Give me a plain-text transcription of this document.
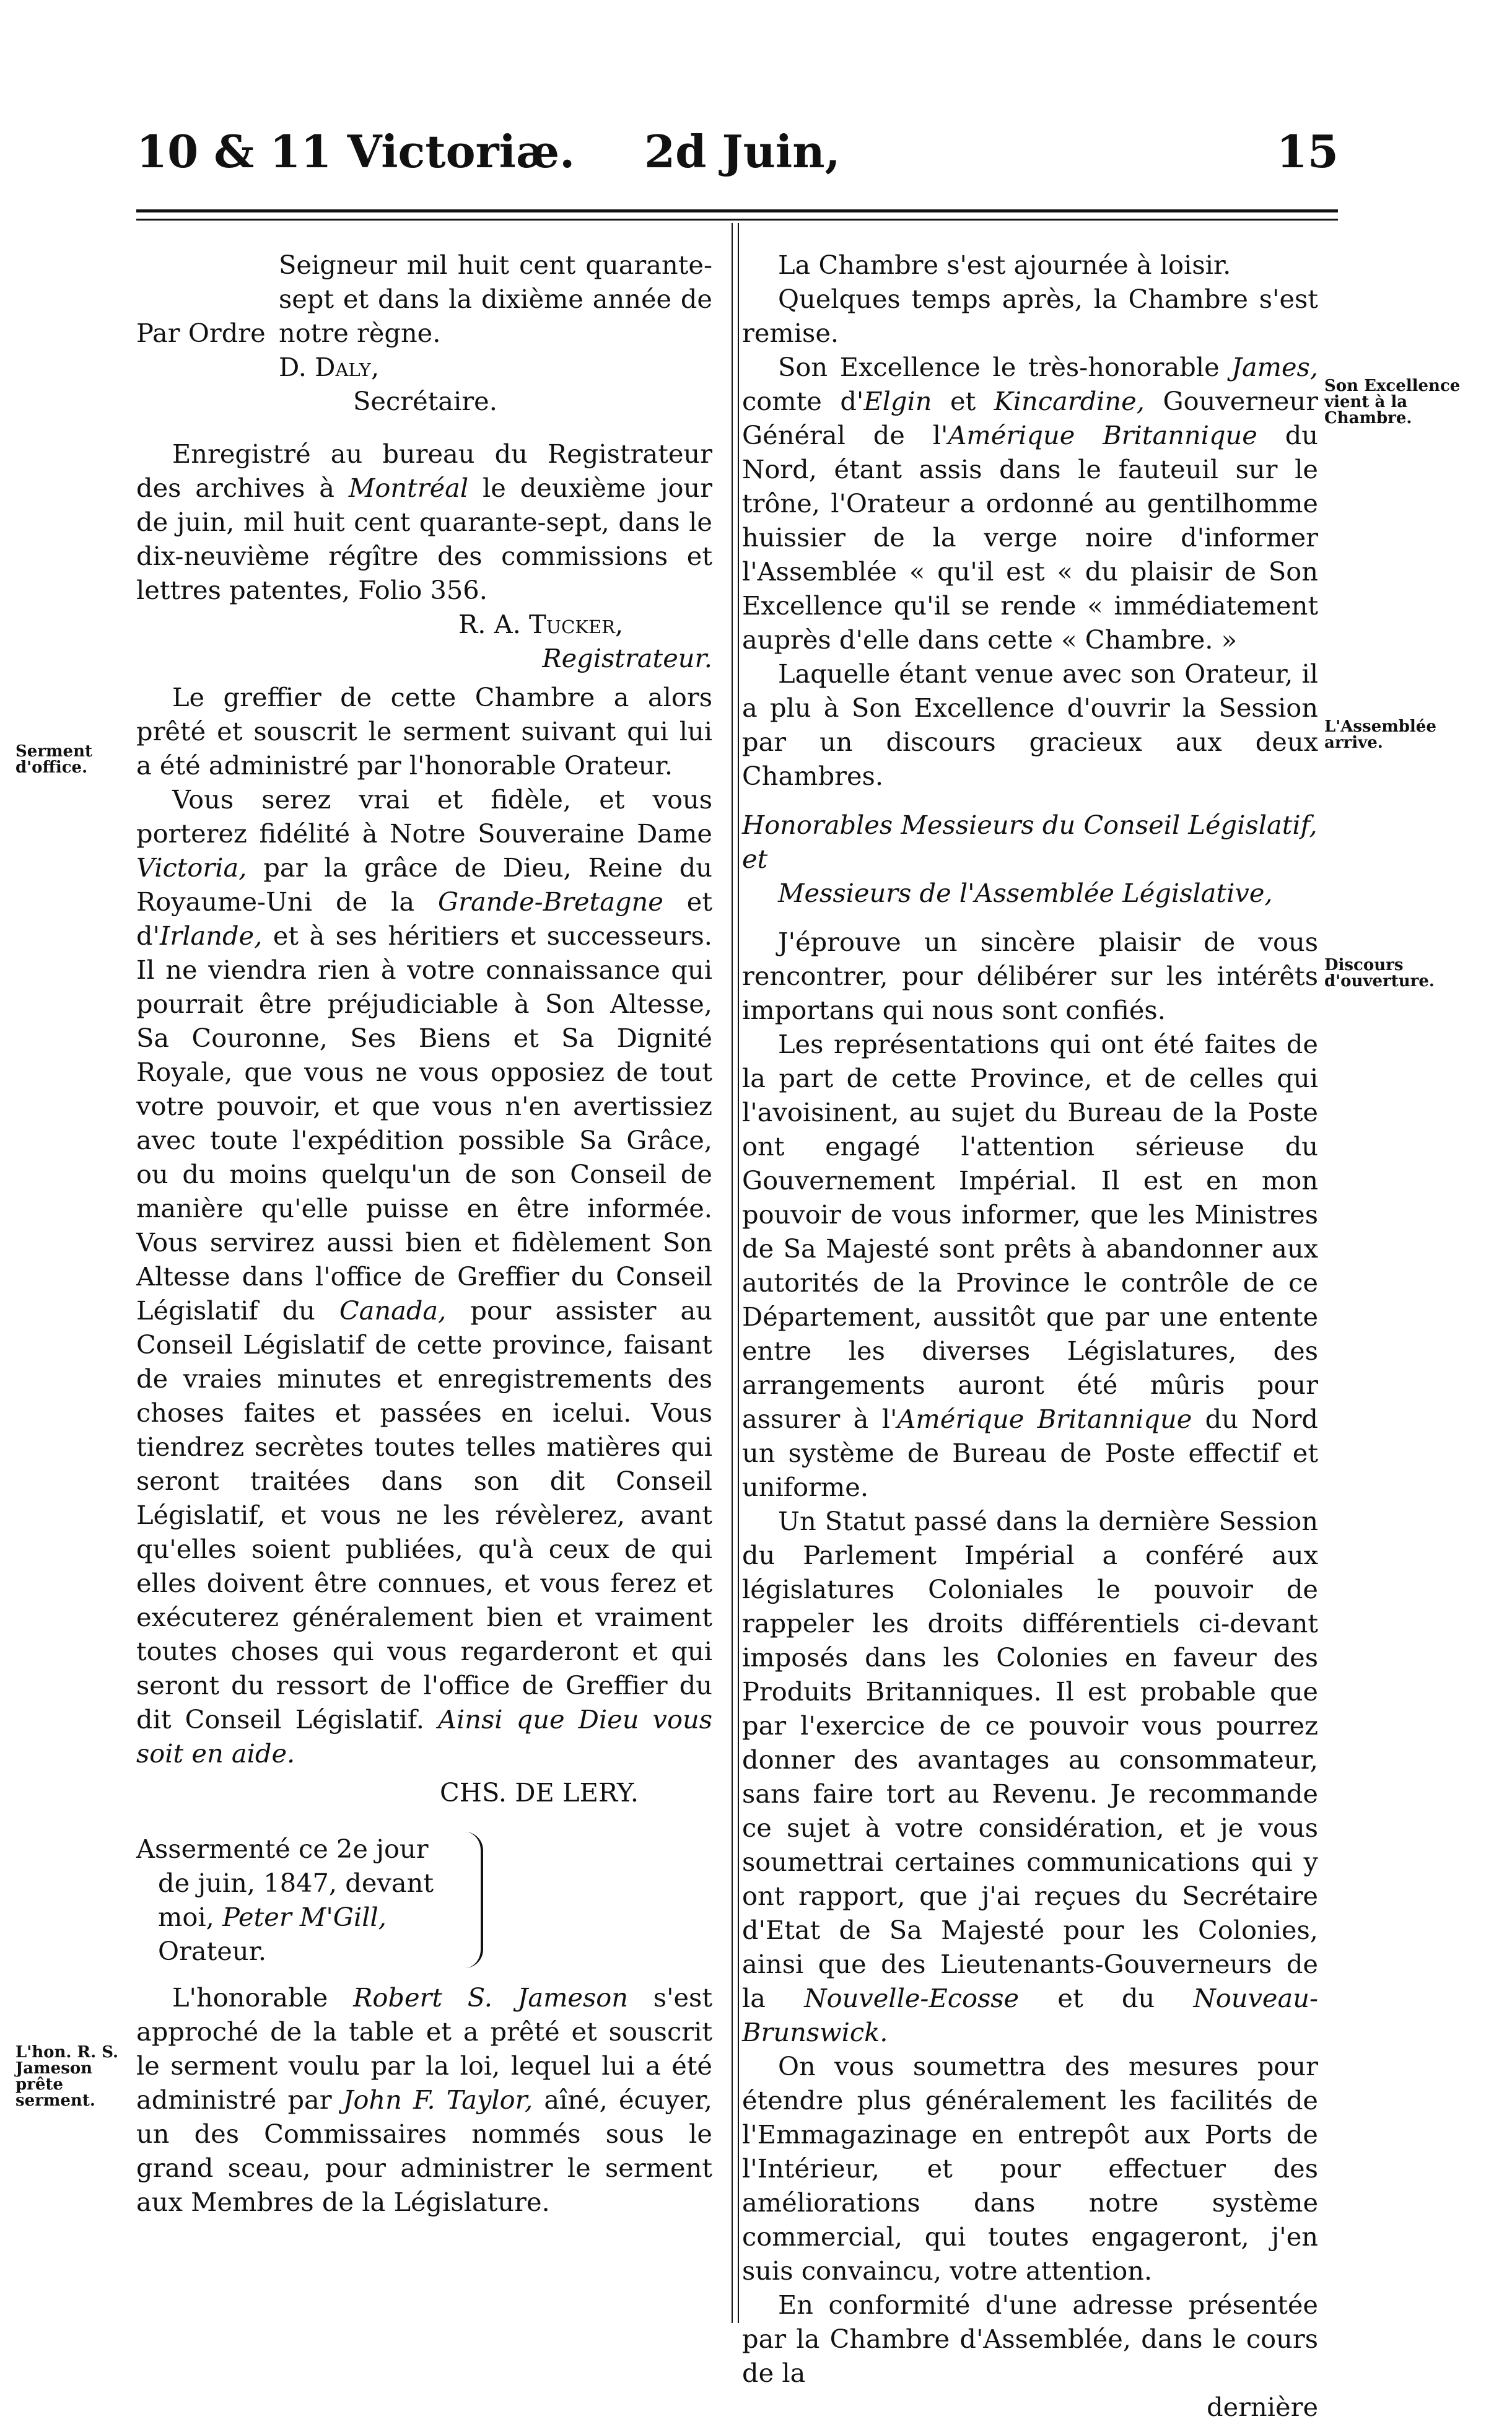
10 & 11 Victoriæ. 2d Juin,	15
Serment d'office.
L'hon. R. S. Jameson prête serment.
Son Excellence vient à la Chambre.
L'Assemblée arrive.
Discours d'ouverture.

Seigneur mil huit cent quarante-sept et dans la dixième année de notre règne.

Par Ordre

D. Daly,

Secrétaire.

Enregistré au bureau du Registrateur des archives à Montréal le deuxième jour de juin, mil huit cent quarante-sept, dans le dix-neuvième régître des commissions et lettres patentes, Folio 356.

R. A. Tucker,

Registrateur.

Le greffier de cette Chambre a alors prêté et souscrit le serment suivant qui lui a été administré par l'honorable Orateur.

Vous serez vrai et fidèle, et vous porterez fidélité à Notre Souveraine Dame Victoria, par la grâce de Dieu, Reine du Royaume-Uni de la Grande-Bretagne et d'Irlande, et à ses héritiers et successeurs. Il ne viendra rien à votre connaissance qui pourrait être préjudiciable à Son Altesse, Sa Couronne, Ses Biens et Sa Dignité Royale, que vous ne vous opposiez de tout votre pouvoir, et que vous n'en avertissiez avec toute l'expédition possible Sa Grâce, ou du moins quelqu'un de son Conseil de manière qu'elle puisse en être informée. Vous servirez aussi bien et fidèlement Son Altesse dans l'office de Greffier du Conseil Législatif du Canada, pour assister au Conseil Législatif de cette province, faisant de vraies minutes et enregistrements des choses faites et passées en icelui. Vous tiendrez secrètes toutes telles matières qui seront traitées dans son dit Conseil Législatif, et vous ne les révèlerez, avant qu'elles soient publiées, qu'à ceux de qui elles doivent être connues, et vous ferez et exécuterez généralement bien et vraiment toutes choses qui vous regarderont et qui seront du ressort de l'office de Greffier du dit Conseil Législatif. Ainsi que Dieu vous soit en aide.

CHS. DE LERY.

Assermenté ce 2e jour

de juin, 1847, devant

moi, Peter M'Gill,

Orateur.

L'honorable Robert S. Jameson s'est approché de la table et a prêté et souscrit le serment voulu par la loi, lequel lui a été administré par John F. Taylor, aîné, écuyer, un des Commissaires nommés sous le grand sceau, pour administrer le serment aux Membres de la Législature.

La Chambre s'est ajournée à loisir.

Quelques temps après, la Chambre s'est remise.

Son Excellence le très-honorable James, comte d'Elgin et Kincardine, Gouverneur Général de l'Amérique Britannique du Nord, étant assis dans le fauteuil sur le trône, l'Orateur a ordonné au gentilhomme huissier de la verge noire d'informer l'Assemblée « qu'il est « du plaisir de Son Excellence qu'il se rende « immédiatement auprès d'elle dans cette « Chambre. »

Laquelle étant venue avec son Orateur, il a plu à Son Excellence d'ouvrir la Session par un discours gracieux aux deux Chambres.

Honorables Messieurs du Conseil Législatif, et

Messieurs de l'Assemblée Législative,

J'éprouve un sincère plaisir de vous rencontrer, pour délibérer sur les intérêts importans qui nous sont confiés.

Les représentations qui ont été faites de la part de cette Province, et de celles qui l'avoisinent, au sujet du Bureau de la Poste ont engagé l'attention sérieuse du Gouvernement Impérial. Il est en mon pouvoir de vous informer, que les Ministres de Sa Majesté sont prêts à abandonner aux autorités de la Province le contrôle de ce Département, aussitôt que par une entente entre les diverses Législatures, des arrangements auront été mûris pour assurer à l'Amérique Britannique du Nord un système de Bureau de Poste effectif et uniforme.

Un Statut passé dans la dernière Session du Parlement Impérial a conféré aux législatures Coloniales le pouvoir de rappeler les droits différentiels ci-devant imposés dans les Colonies en faveur des Produits Britanniques. Il est probable que par l'exercice de ce pouvoir vous pourrez donner des avantages au consommateur, sans faire tort au Revenu. Je recommande ce sujet à votre considération, et je vous soumettrai certaines communications qui y ont rapport, que j'ai reçues du Secrétaire d'Etat de Sa Majesté pour les Colonies, ainsi que des Lieutenants-Gouverneurs de la Nouvelle-Ecosse et du Nouveau-Brunswick.

On vous soumettra des mesures pour étendre plus généralement les facilités de l'Emmagazinage en entrepôt aux Ports de l'Intérieur, et pour effectuer des améliorations dans notre système commercial, qui toutes engageront, j'en suis convaincu, votre attention.

En conformité d'une adresse présentée par la Chambre d'Assemblée, dans le cours de la

dernière
